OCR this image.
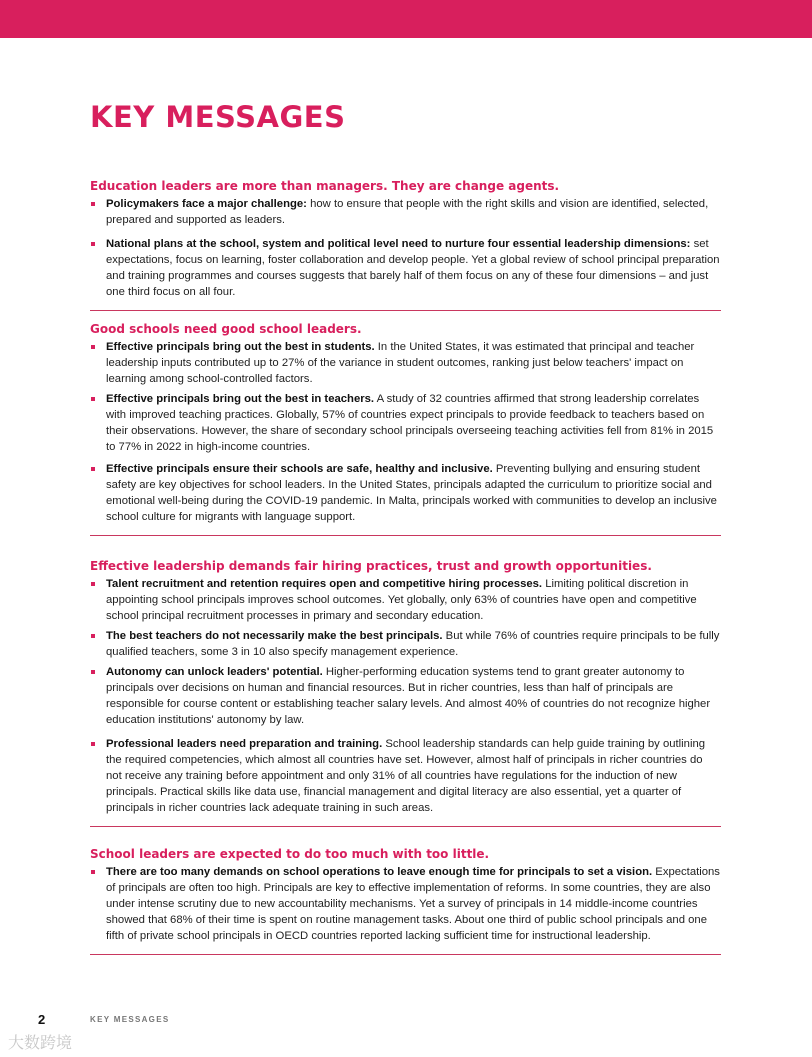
KEY MESSAGES
Education leaders are more than managers. They are change agents.
Policymakers face a major challenge: how to ensure that people with the right skills and vision are identified, selected, prepared and supported as leaders.
National plans at the school, system and political level need to nurture four essential leadership dimensions: set expectations, focus on learning, foster collaboration and develop people. Yet a global review of school principal preparation and training programmes and courses suggests that barely half of them focus on any of these four dimensions – and just one third focus on all four.
Good schools need good school leaders.
Effective principals bring out the best in students. In the United States, it was estimated that principal and teacher leadership inputs contributed up to 27% of the variance in student outcomes, ranking just below teachers' impact on learning among school-controlled factors.
Effective principals bring out the best in teachers. A study of 32 countries affirmed that strong leadership correlates with improved teaching practices. Globally, 57% of countries expect principals to provide feedback to teachers based on their observations. However, the share of secondary school principals overseeing teaching activities fell from 81% in 2015 to 77% in 2022 in high-income countries.
Effective principals ensure their schools are safe, healthy and inclusive. Preventing bullying and ensuring student safety are key objectives for school leaders. In the United States, principals adapted the curriculum to prioritize social and emotional well-being during the COVID-19 pandemic. In Malta, principals worked with communities to develop an inclusive school culture for migrants with language support.
Effective leadership demands fair hiring practices, trust and growth opportunities.
Talent recruitment and retention requires open and competitive hiring processes. Limiting political discretion in appointing school principals improves school outcomes. Yet globally, only 63% of countries have open and competitive school principal recruitment processes in primary and secondary education.
The best teachers do not necessarily make the best principals. But while 76% of countries require principals to be fully qualified teachers, some 3 in 10 also specify management experience.
Autonomy can unlock leaders' potential. Higher-performing education systems tend to grant greater autonomy to principals over decisions on human and financial resources. But in richer countries, less than half of principals are responsible for course content or establishing teacher salary levels. And almost 40% of countries do not recognize higher education institutions' autonomy by law.
Professional leaders need preparation and training. School leadership standards can help guide training by outlining the required competencies, which almost all countries have set. However, almost half of principals in richer countries do not receive any training before appointment and only 31% of all countries have regulations for the induction of new principals. Practical skills like data use, financial management and digital literacy are also essential, yet a quarter of principals in richer countries lack adequate training in such areas.
School leaders are expected to do too much with too little.
There are too many demands on school operations to leave enough time for principals to set a vision. Expectations of principals are often too high. Principals are key to effective implementation of reforms. In some countries, they are also under intense scrutiny due to new accountability mechanisms. Yet a survey of principals in 14 middle-income countries showed that 68% of their time is spent on routine management tasks. About one third of public school principals and one fifth of private school principals in OECD countries reported lacking sufficient time for instructional leadership.
2	KEY MESSAGES
大数跨境
